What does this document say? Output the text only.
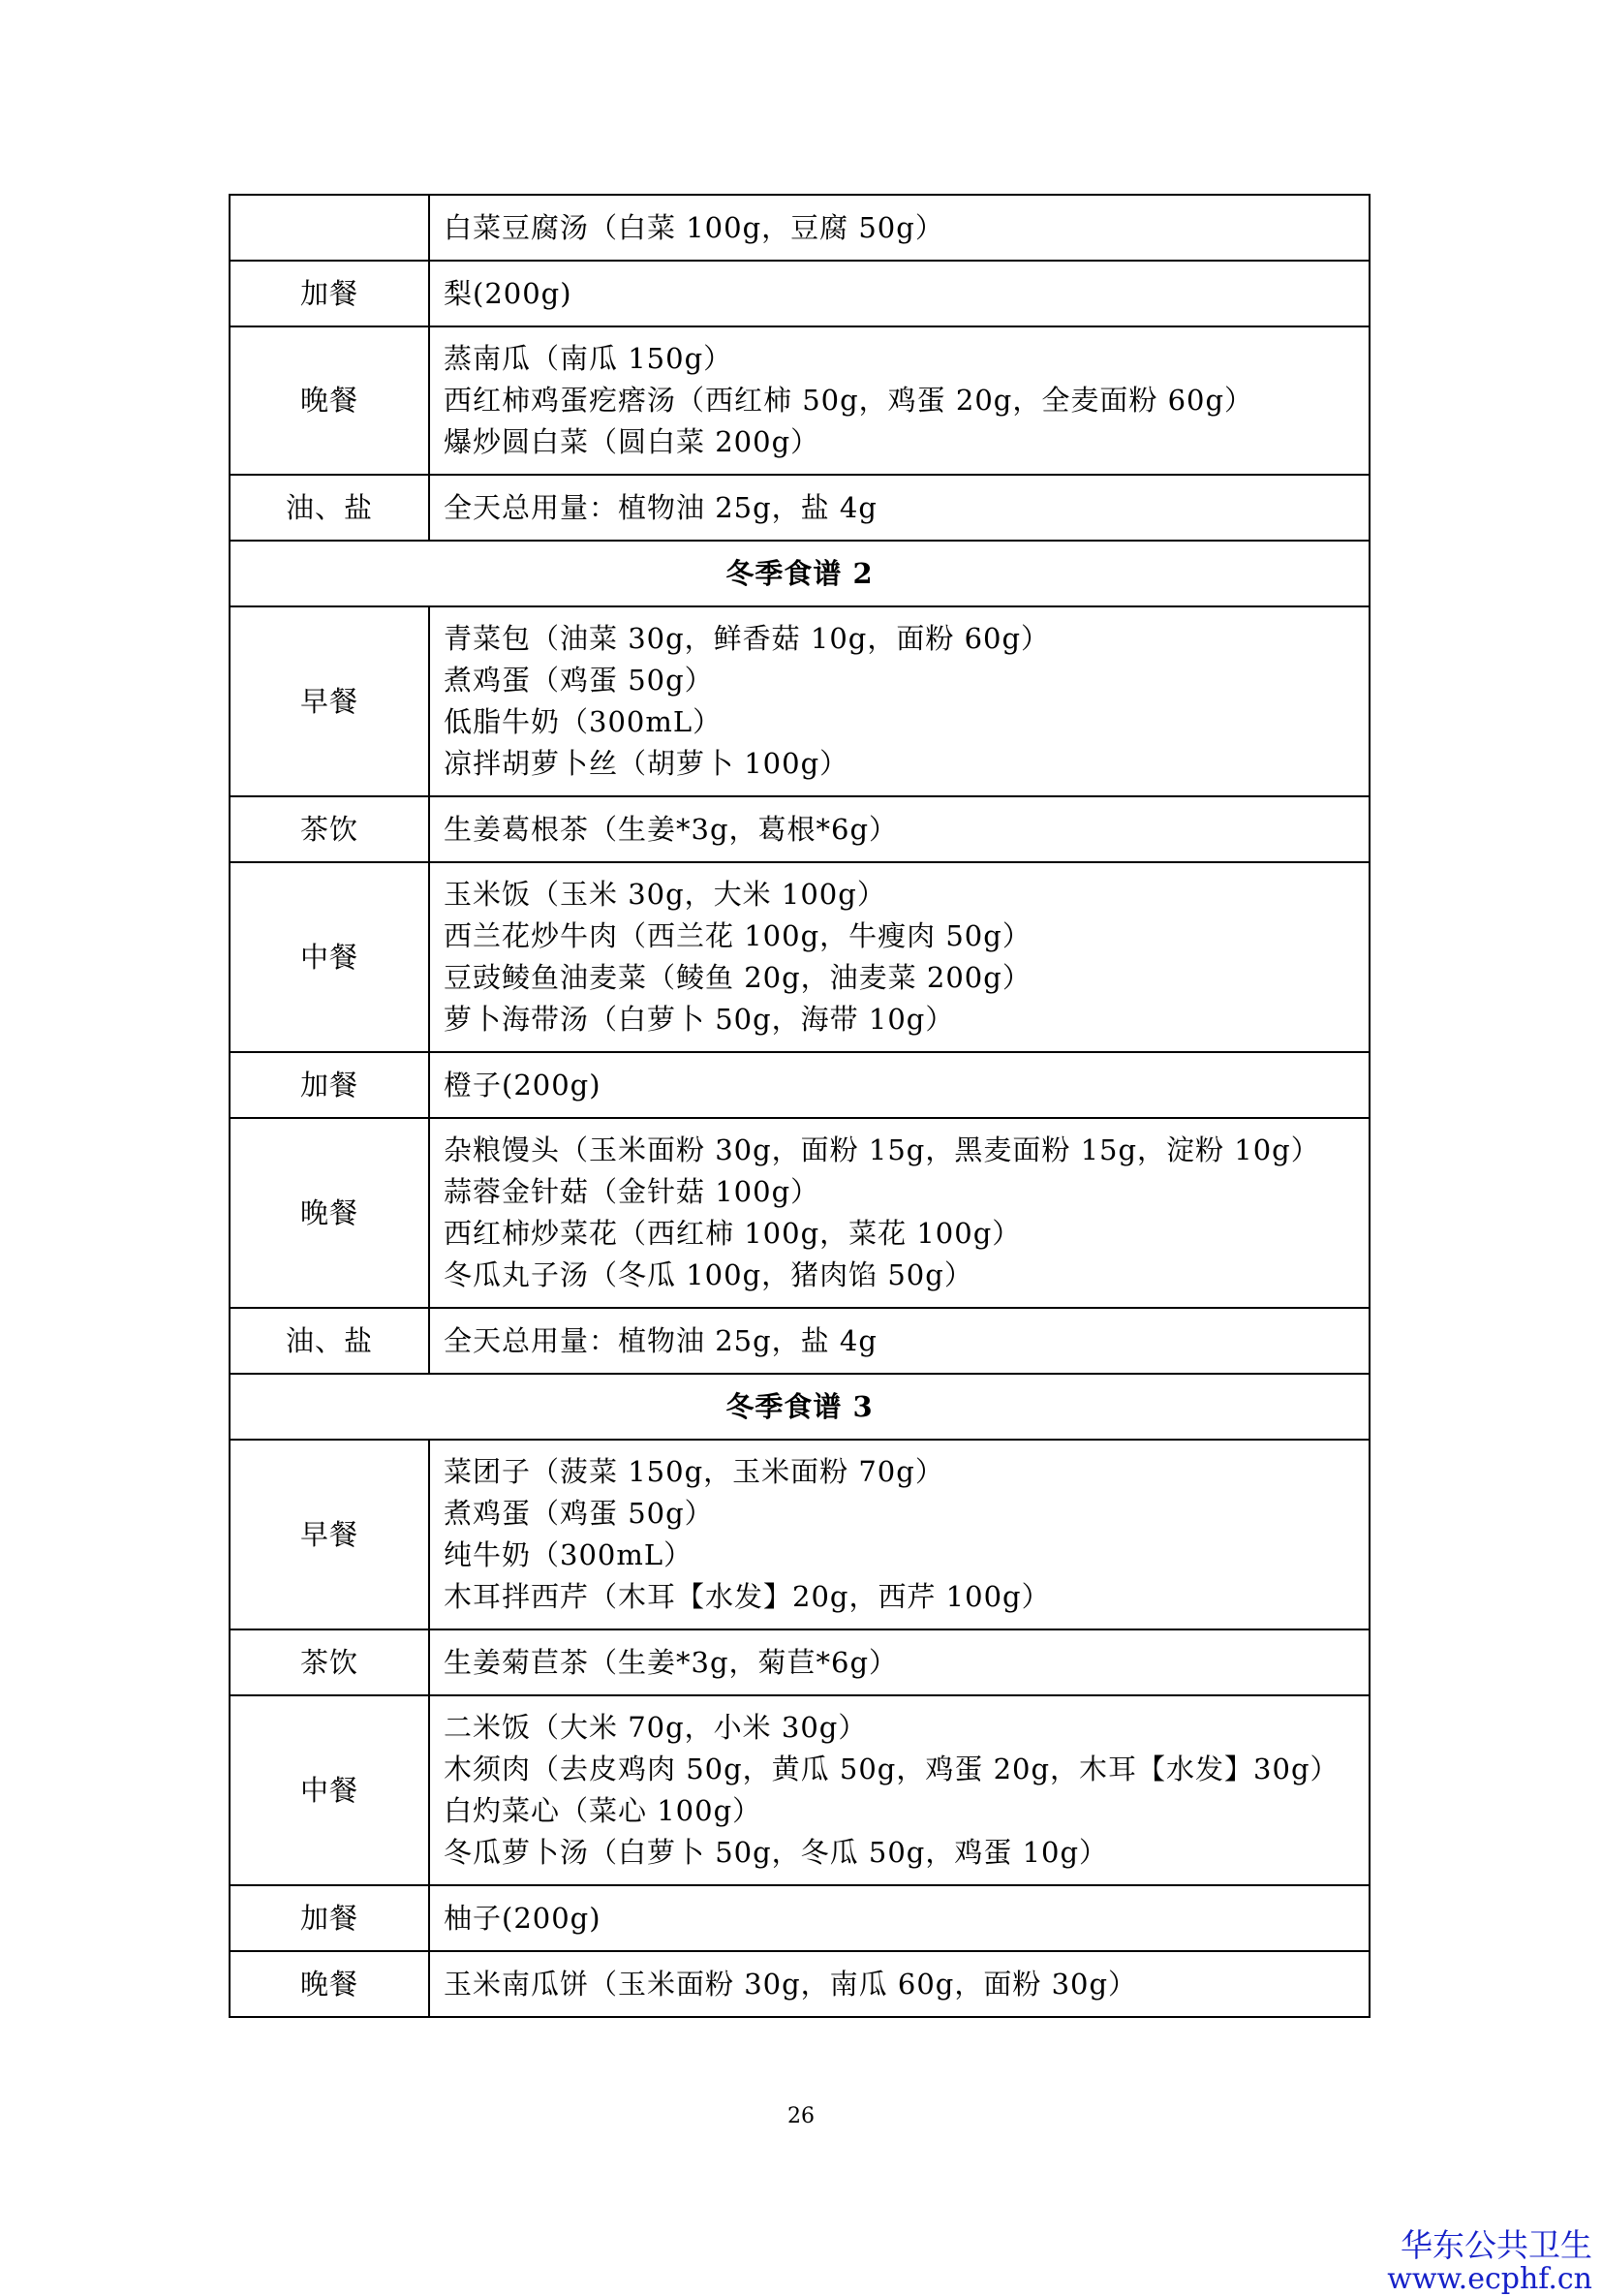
	白菜豆腐汤（白菜 100g，豆腐 50g）

加餐	梨(200g)

晚餐	蒸南瓜（南瓜 150g）
西红柿鸡蛋疙瘩汤（西红柿 50g，鸡蛋 20g，全麦面粉 60g）
爆炒圆白菜（圆白菜 200g）

油、盐	全天总用量：植物油 25g，盐 4g

冬季食谱 2	
早餐	青菜包（油菜 30g，鲜香菇 10g，面粉 60g）
煮鸡蛋（鸡蛋 50g）
低脂牛奶（300mL）
凉拌胡萝卜丝（胡萝卜 100g）

茶饮	生姜葛根茶（生姜*3g，葛根*6g）

中餐	玉米饭（玉米 30g，大米 100g）
西兰花炒牛肉（西兰花 100g，牛瘦肉 50g）
豆豉鲮鱼油麦菜（鲮鱼 20g，油麦菜 200g）
萝卜海带汤（白萝卜 50g，海带 10g）

加餐	橙子(200g)

晚餐	杂粮馒头（玉米面粉 30g，面粉 15g，黑麦面粉 15g，淀粉 10g）
蒜蓉金针菇（金针菇 100g）
西红柿炒菜花（西红柿 100g，菜花 100g）
冬瓜丸子汤（冬瓜 100g，猪肉馅 50g）

油、盐	全天总用量：植物油 25g，盐 4g

冬季食谱 3	
早餐	菜团子（菠菜 150g，玉米面粉 70g）
煮鸡蛋（鸡蛋 50g）
纯牛奶（300mL）
木耳拌西芹（木耳【水发】20g，西芹 100g）

茶饮	生姜菊苣茶（生姜*3g，菊苣*6g）

中餐	二米饭（大米 70g，小米 30g）
木须肉（去皮鸡肉 50g，黄瓜 50g，鸡蛋 20g，木耳【水发】30g）
白灼菜心（菜心 100g）
冬瓜萝卜汤（白萝卜 50g，冬瓜 50g，鸡蛋 10g）

加餐	柚子(200g)

晚餐	玉米南瓜饼（玉米面粉 30g，南瓜 60g，面粉 30g）
26
华东公共卫生
www.ecphf.cn
